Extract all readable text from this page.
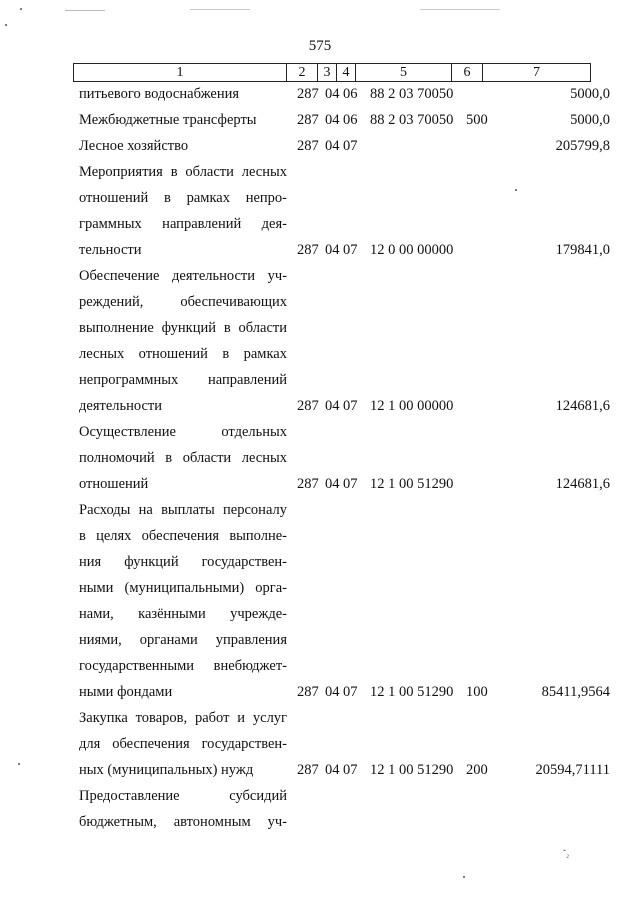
575
1	2	3	4	5	6	7
питьевого водоснабжения	287 04 06 88 2 03 70050	5000,0
Межбюджетные трансферты	287 04 06 88 2 03 70050 500	5000,0
Лесное хозяйство	287 04 07	205799,8
Мероприятия в области лесных
отношений в рамках непро-
граммных направлений дея-
тельности	287 04 07 12 0 00 00000	179841,0
Обеспечение деятельности уч-
реждений, обеспечивающих
выполнение функций в области
лесных отношений в рамках
непрограммных направлений
деятельности	287 04 07 12 1 00 00000	124681,6
Осуществление отдельных
полномочий в области лесных
отношений	287 04 07 12 1 00 51290	124681,6
Расходы на выплаты персоналу
в целях обеспечения выполне-
ния функций государствен-
ными (муниципальными) орга-
нами, казёнными учрежде-
ниями, органами управления
государственными внебюджет-
ными фондами	287 04 07 12 1 00 51290 100	85411,9564
Закупка товаров, работ и услуг
для обеспечения государствен-
ных (муниципальных) нужд	287 04 07 12 1 00 51290 200	20594,71111
Предоставление субсидий
бюджетным, автономным уч-
ˇ₂
